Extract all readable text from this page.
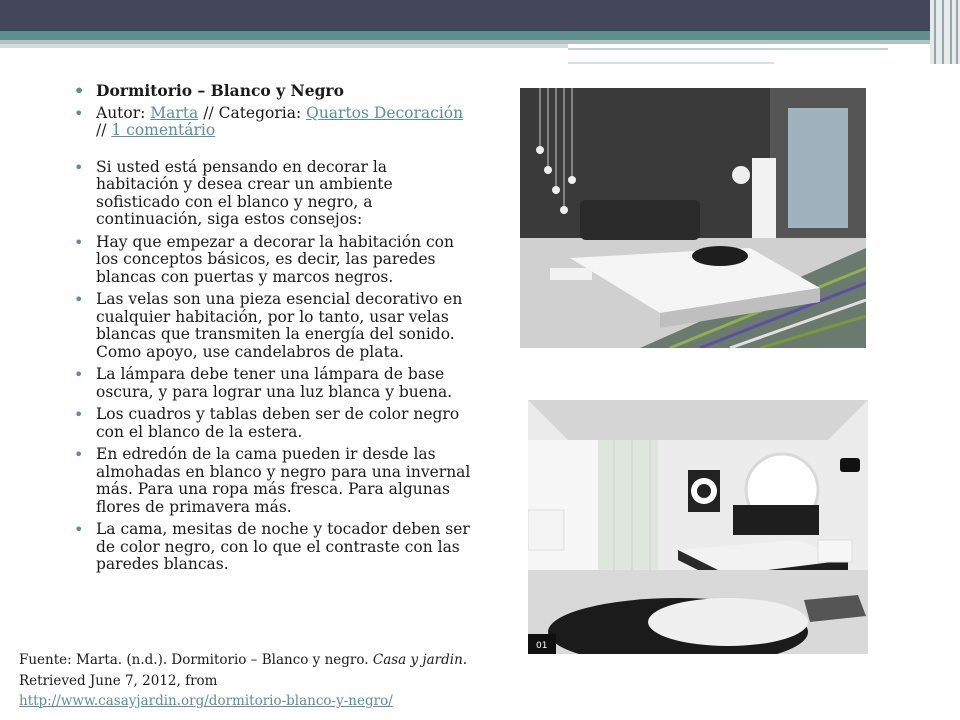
• Dormitorio – Blanco y Negro
• Autor: Marta // Categoria: Quartos Decoración // 1 comentário
• Si usted está pensando en decorar la habitación y desea crear un ambiente sofisticado con el blanco y negro, a continuación, siga estos consejos:
• Hay que empezar a decorar la habitación con los conceptos básicos, es decir, las paredes blancas con puertas y marcos negros.
• Las velas son una pieza esencial decorativo en cualquier habitación, por lo tanto, usar velas blancas que transmiten la energía del sonido. Como apoyo, use candelabros de plata.
• La lámpara debe tener una lámpara de base oscura, y para lograr una luz blanca y buena.
• Los cuadros y tablas deben ser de color negro con el blanco de la estera.
• En edredón de la cama pueden ir desde las almohadas en blanco y negro para una invernal más. Para una ropa más fresca. Para algunas flores de primavera más.
• La cama, mesitas de noche y tocador deben ser de color negro, con lo que el contraste con las paredes blancas.
01
Fuente: Marta. (n.d.). Dormitorio – Blanco y negro. Casa y jardin. Retrieved June 7, 2012, from
http://www.casayjardin.org/dormitorio-blanco-y-negro/
